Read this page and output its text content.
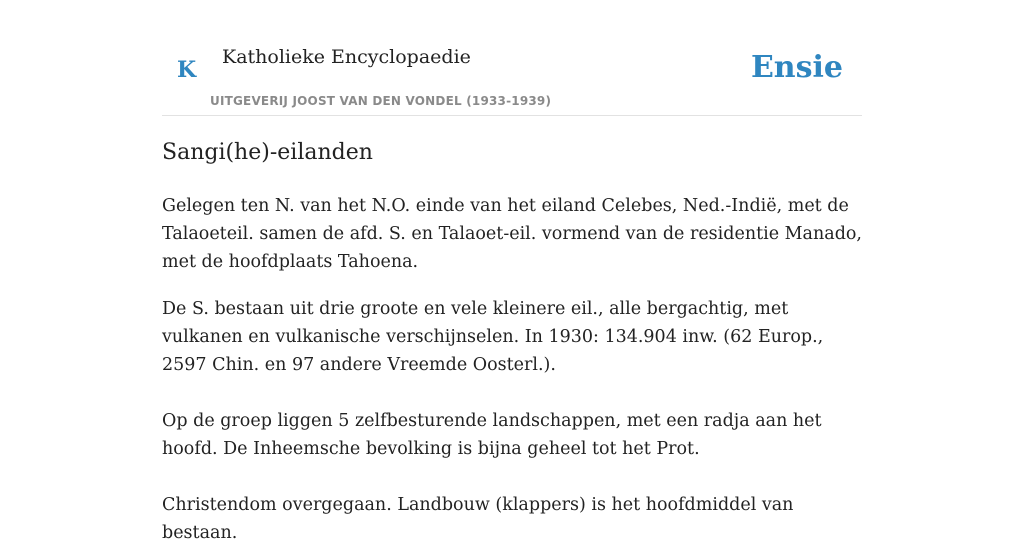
K Katholieke Encyclopaedie
UITGEVERIJ JOOST VAN DEN VONDEL (1933-1939)
Ensie
Sangi(he)-eilanden

Gelegen ten N. van het N.O. einde van het eiland Celebes, Ned.-Indië, met de Talaoeteil. samen de afd. S. en Talaoet-eil. vormend van de residentie Manado, met de hoofdplaats Tahoena.

De S. bestaan uit drie groote en vele kleinere eil., alle bergachtig, met vulkanen en vulkanische verschijnselen. In 1930: 134.904 inw. (62 Europ., 2597 Chin. en 97 andere Vreemde Oosterl.).

Op de groep liggen 5 zelfbesturende landschappen, met een radja aan het hoofd. De Inheemsche bevolking is bijna geheel tot het Prot.

Christendom overgegaan. Landbouw (klappers) is het hoofdmiddel van bestaan.
